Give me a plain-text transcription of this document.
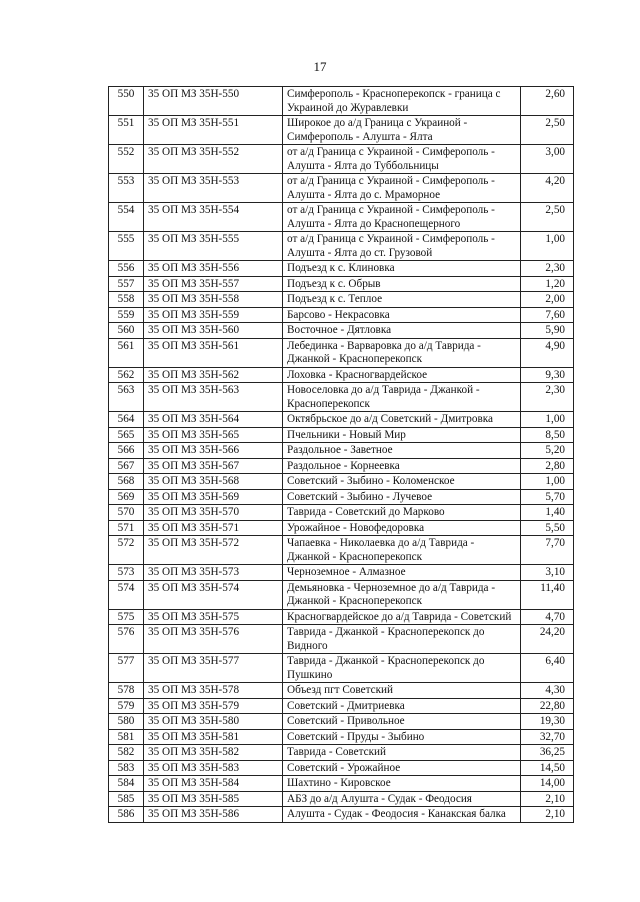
17
550	35 ОП МЗ 35Н-550	Симферополь - Красноперекопск - граница с Украиной до Журавлевки	2,60
551	35 ОП МЗ 35Н-551	Широкое до а/д Граница с Украиной - Симферополь - Алушта - Ялта	2,50
552	35 ОП МЗ 35Н-552	от а/д Граница с Украиной - Симферополь - Алушта - Ялта до Туббольницы	3,00
553	35 ОП МЗ 35Н-553	от а/д Граница с Украиной - Симферополь - Алушта - Ялта до с. Мраморное	4,20
554	35 ОП МЗ 35Н-554	от а/д Граница с Украиной - Симферополь - Алушта - Ялта до Краснопещерного	2,50
555	35 ОП МЗ 35Н-555	от а/д Граница с Украиной - Симферополь - Алушта - Ялта до ст. Грузовой	1,00
556	35 ОП МЗ 35Н-556	Подъезд к с. Клиновка	2,30
557	35 ОП МЗ 35Н-557	Подъезд к с. Обрыв	1,20
558	35 ОП МЗ 35Н-558	Подъезд к с. Теплое	2,00
559	35 ОП МЗ 35Н-559	Барсово - Некрасовка	7,60
560	35 ОП МЗ 35Н-560	Восточное - Дятловка	5,90
561	35 ОП МЗ 35Н-561	Лебединка - Варваровка до а/д Таврида - Джанкой - Красноперекопск	4,90
562	35 ОП МЗ 35Н-562	Лоховка - Красногвардейское	9,30
563	35 ОП МЗ 35Н-563	Новоселовка до а/д Таврида - Джанкой - Красноперекопск	2,30
564	35 ОП МЗ 35Н-564	Октябрьское до а/д Советский - Дмитровка	1,00
565	35 ОП МЗ 35Н-565	Пчельники - Новый Мир	8,50
566	35 ОП МЗ 35Н-566	Раздольное - Заветное	5,20
567	35 ОП МЗ 35Н-567	Раздольное - Корнеевка	2,80
568	35 ОП МЗ 35Н-568	Советский - Зыбино - Коломенское	1,00
569	35 ОП МЗ 35Н-569	Советский - Зыбино - Лучевое	5,70
570	35 ОП МЗ 35Н-570	Таврида - Советский до Марково	1,40
571	35 ОП МЗ 35Н-571	Урожайное - Новофедоровка	5,50
572	35 ОП МЗ 35Н-572	Чапаевка - Николаевка до а/д Таврида - Джанкой - Красноперекопск	7,70
573	35 ОП МЗ 35Н-573	Черноземное - Алмазное	3,10
574	35 ОП МЗ 35Н-574	Демьяновка - Черноземное до а/д Таврида - Джанкой - Красноперекопск	11,40
575	35 ОП МЗ 35Н-575	Красногвардейское до а/д Таврида - Советский	4,70
576	35 ОП МЗ 35Н-576	Таврида - Джанкой - Красноперекопск до Видного	24,20
577	35 ОП МЗ 35Н-577	Таврида - Джанкой - Красноперекопск до Пушкино	6,40
578	35 ОП МЗ 35Н-578	Объезд пгт Советский	4,30
579	35 ОП МЗ 35Н-579	Советский - Дмитриевка	22,80
580	35 ОП МЗ 35Н-580	Советский - Привольное	19,30
581	35 ОП МЗ 35Н-581	Советский - Пруды - Зыбино	32,70
582	35 ОП МЗ 35Н-582	Таврида - Советский	36,25
583	35 ОП МЗ 35Н-583	Советский - Урожайное	14,50
584	35 ОП МЗ 35Н-584	Шахтино - Кировское	14,00
585	35 ОП МЗ 35Н-585	АБЗ до а/д Алушта - Судак - Феодосия	2,10
586	35 ОП МЗ 35Н-586	Алушта - Судак - Феодосия - Канакская балка	2,10
